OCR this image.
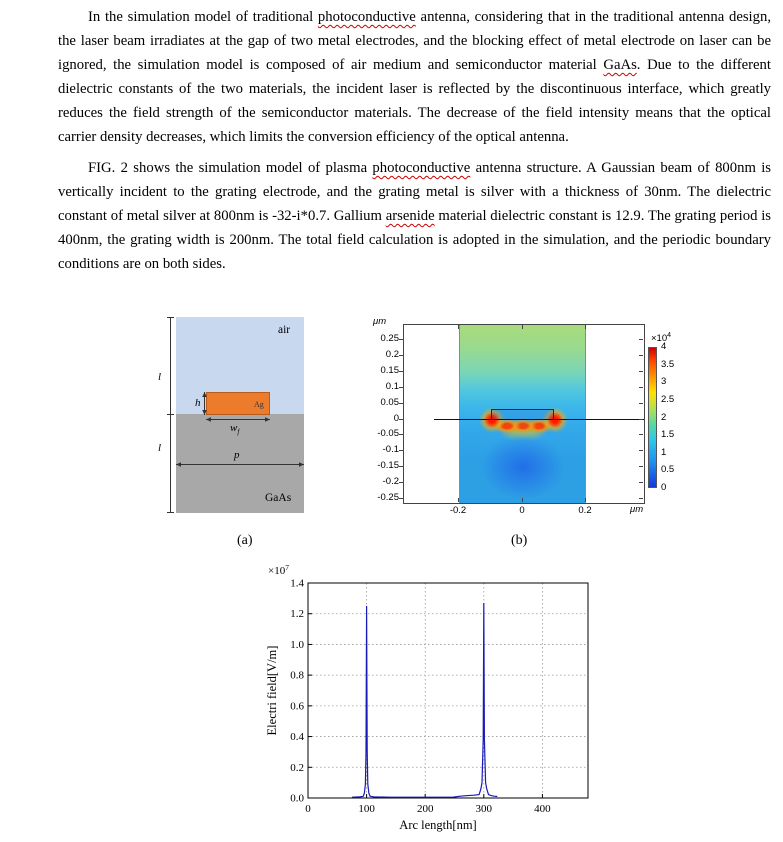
In the simulation model of traditional photoconductive antenna, considering that in the traditional antenna design, the laser beam irradiates at the gap of two metal electrodes, and the blocking effect of metal electrode on laser can be ignored, the simulation model is composed of air medium and semiconductor material GaAs. Due to the different dielectric constants of the two materials, the incident laser is reflected by the discontinuous interface, which greatly reduces the field strength of the semiconductor materials. The decrease of the field intensity means that the optical carrier density decreases, which limits the conversion efficiency of the optical antenna.

FIG. 2 shows the simulation model of plasma photoconductive antenna structure. A Gaussian beam of 800nm is vertically incident to the grating electrode, and the grating metal is silver with a thickness of 30nm. The dielectric constant of metal silver at 800nm is -32-i*0.7. Gallium arsenide material dielectric constant is 12.9. The grating period is 400nm, the grating width is 200nm. The total field calculation is adopted in the simulation, and the periodic boundary conditions are on both sides.

air
GaAs
Ag
h
$w_f$
p
l
l
(a)
μm
μm
$\times 10^4$
0.25
0.2
0.15
0.1
0.05
0
-0.05
-0.1
-0.15
-0.2
-0.25
-0.2	0	0.2
4
3.5
3
2.5
2
1.5
1
0.5
0
(b)
0.0
0.2
0.4
0.6
0.8
1.0
1.2
1.4
0	100	200	300	400
$\times 10^7$
Arc length[nm]
Electri field[V/m]
